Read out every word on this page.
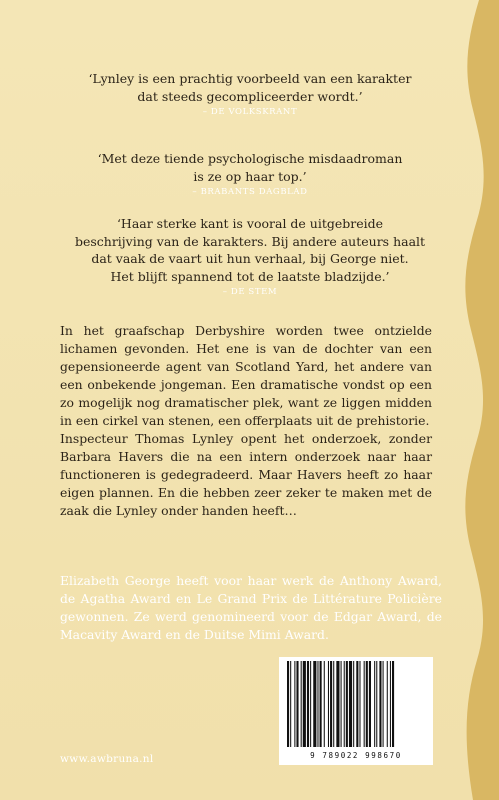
‘Lynley is een prachtig voorbeeld van een karakter
dat steeds gecompliceerder wordt.’
– DE VOLKSKRANT
‘Met deze tiende psychologische misdaadroman
is ze op haar top.’
– BRABANTS DAGBLAD
‘Haar sterke kant is vooral de uitgebreide
beschrijving van de karakters. Bij andere auteurs haalt
dat vaak de vaart uit hun verhaal, bij George niet.
Het blijft spannend tot de laatste bladzijde.’
– DE STEM

In het graafschap Derbyshire worden twee ontzielde lichamen gevonden. Het ene is van de dochter van een gepensioneerde agent van Scotland Yard, het andere van een onbekende jongeman. Een dramatische vondst op een zo mogelijk nog dramatischer plek, want ze liggen midden in een cirkel van stenen, een offerplaats uit de prehistorie.

Inspecteur Thomas Lynley opent het onderzoek, zonder Barbara Havers die na een intern onderzoek naar haar functioneren is gedegradeerd. Maar Havers heeft zo haar eigen plannen. En die hebben zeer zeker te maken met de zaak die Lynley onder handen heeft…

Elizabeth George heeft voor haar werk de Anthony Award, de Agatha Award en Le Grand Prix de Littérature Policière gewonnen. Ze werd genomineerd voor de Edgar Award, de Macavity Award en de Duitse Mimi Award.
www.awbruna.nl	9 789022 998670
